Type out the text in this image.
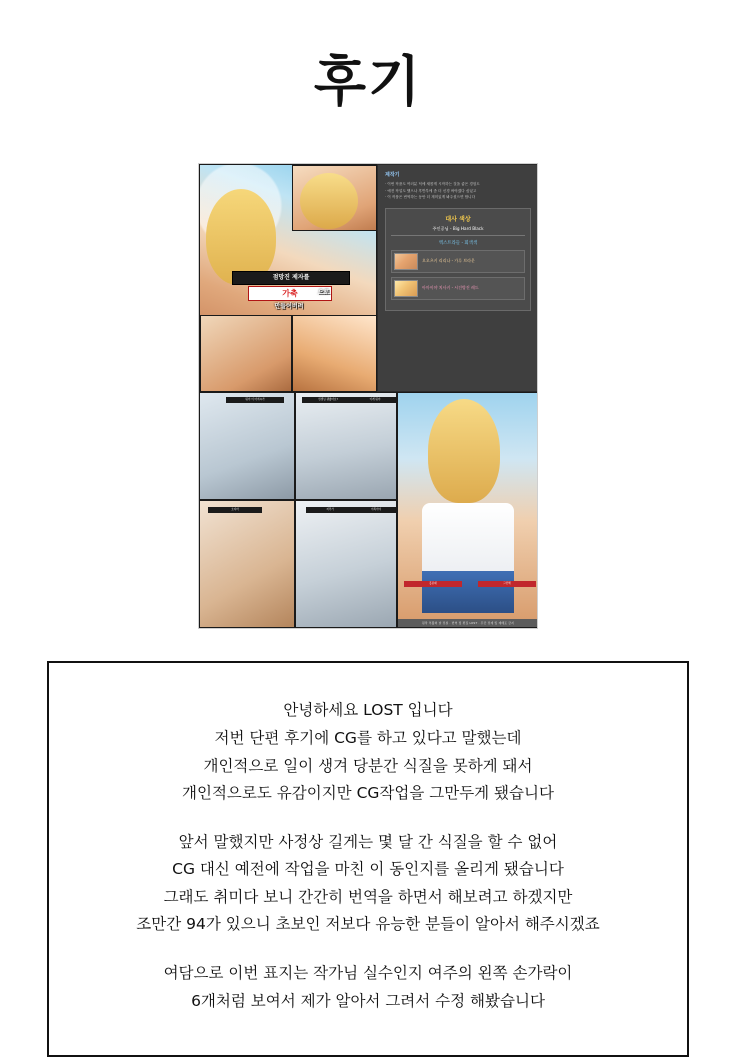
후기
점망진 제자를
가축	으로
만들어버려
제작기
· 이번 작품도 여러분 덕에 새롭게 시작하는 것을 좋은 경험도
· 예전 작업도 했으나 후반부에 좀 더 신경 써야겠다 싶었고
· 이 작품은 번역하는 동안 더 재미있게 봐주셨으면 합니다
대사 색상
주인공님 - Big Hard Black
엑스트라들 - 회색색
오오츠키 리리나 - 가루 브라운
아마이야 치사키 - 시건방진 레드
뭐야 이 아저씨가	선생님 괜찮아요?	이게 뭐야
흥분돼	그만해
원작 부활의 날 전설 · 번역 및 편집 LOST · 무단 전재 및 재배포 금지
오지마	저리가	이쪽이야

안녕하세요 LOST 입니다

저번 단편 후기에 CG를 하고 있다고 말했는데

개인적으로 일이 생겨 당분간 식질을 못하게 돼서

개인적으로도 유감이지만 CG작업을 그만두게 됐습니다

앞서 말했지만 사정상 길게는 몇 달 간 식질을 할 수 없어

CG 대신 예전에 작업을 마친 이 동인지를 올리게 됐습니다

그래도 취미다 보니 간간히 번역을 하면서 해보려고 하겠지만

조만간 94가 있으니 초보인 저보다 유능한 분들이 알아서 해주시겠죠

여담으로 이번 표지는 작가님 실수인지 여주의 왼쪽 손가락이

6개처럼 보여서 제가 알아서 그려서 수정 해봤습니다
